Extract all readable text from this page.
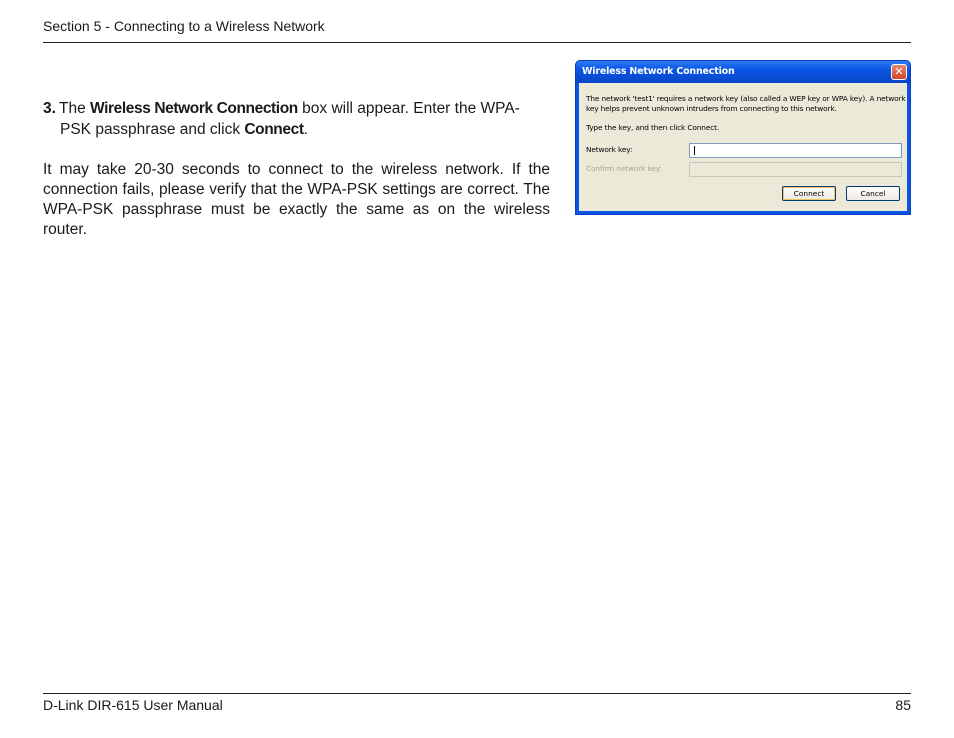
Section 5 - Connecting to a Wireless Network
3. The Wireless Network Connection box will appear. Enter the WPA-
PSK passphrase and click Connect.
It may take 20-30 seconds to connect to the wireless network. If the connection fails, please verify that the WPA-PSK settings are correct. The WPA-PSK passphrase must be exactly the same as on the wireless router.
Wireless Network Connection	✕
The network 'test1' requires a network key (also called a WEP key or WPA key). A network key helps prevent unknown intruders from connecting to this network.
Type the key, and then click Connect.
Network key:
Confirm network key:
Connect	Cancel
D-Link DIR-615 User Manual	85
